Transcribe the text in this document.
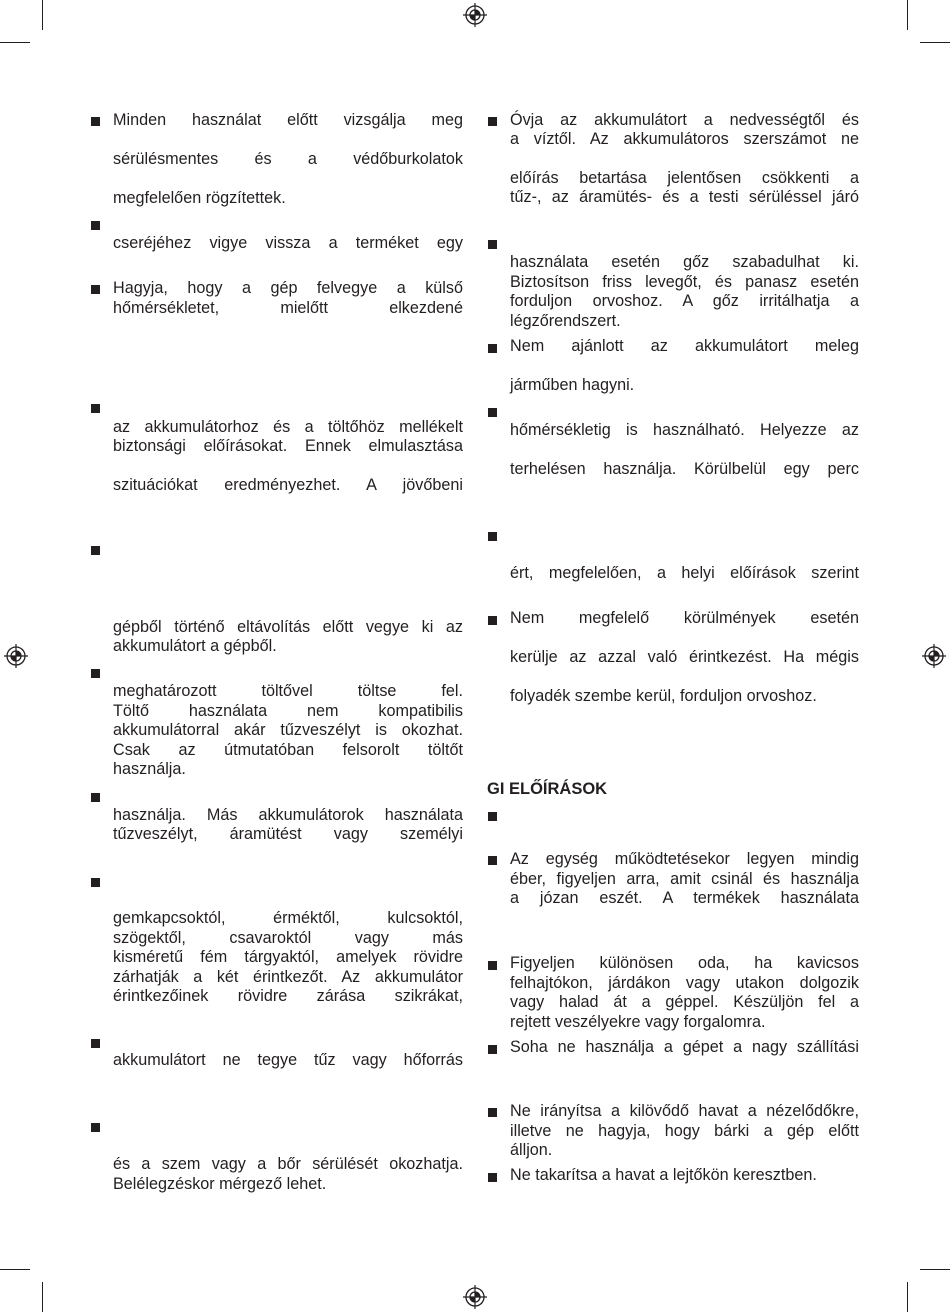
Minden használat előtt vizsgálja meg
sérülésmentes és a védőburkolatok
megfelelően rögzítettek.
cseréjéhez vigye vissza a terméket egy
Hagyja, hogy a gép felvegye a külső
hőmérsékletet, mielőtt elkezdené
az akkumulátorhoz és a töltőhöz mellékelt
biztonsági előírásokat. Ennek elmulasztása
szituációkat eredményezhet. A jövőbeni
gépből történő eltávolítás előtt vegye ki az
akkumulátort a gépből.
meghatározott töltővel töltse fel.
Töltő használata nem kompatibilis
akkumulátorral akár tűzveszélyt is okozhat.
Csak az útmutatóban felsorolt töltőt
használja.
használja. Más akkumulátorok használata
tűzveszélyt, áramütést vagy személyi
gemkapcsoktól, érméktől, kulcsoktól,
szögektől, csavaroktól vagy más
kisméretű fém tárgyaktól, amelyek rövidre
zárhatják a két érintkezőt. Az akkumulátor
érintkezőinek rövidre zárása szikrákat,
akkumulátort ne tegye tűz vagy hőforrás
és a szem vagy a bőr sérülését okozhatja.
Belélegzéskor mérgező lehet.
Óvja az akkumulátort a nedvességtől és
a víztől. Az akkumulátoros szerszámot ne
előírás betartása jelentősen csökkenti a
tűz-, az áramütés- és a testi sérüléssel járó
használata esetén gőz szabadulhat ki.
Biztosítson friss levegőt, és panasz esetén
forduljon orvoshoz. A gőz irritálhatja a
légzőrendszert.
Nem ajánlott az akkumulátort meleg
járműben hagyni.
hőmérsékletig is használható. Helyezze az
terhelésen használja. Körülbelül egy perc
ért, megfelelően, a helyi előírások szerint
Nem megfelelő körülmények esetén
kerülje az azzal való érintkezést. Ha mégis
folyadék szembe kerül, forduljon orvoshoz.
GI ELŐÍRÁSOK
Az egység működtetésekor legyen mindig
éber, figyeljen arra, amit csinál és használja
a józan eszét. A termékek használata
Figyeljen különösen oda, ha kavicsos
felhajtókon, járdákon vagy utakon dolgozik
vagy halad át a géppel. Készüljön fel a
rejtett veszélyekre vagy forgalomra.
Soha ne használja a gépet a nagy szállítási
Ne irányítsa a kilövődő havat a nézelődőkre,
illetve ne hagyja, hogy bárki a gép előtt
álljon.
Ne takarítsa a havat a lejtőkön keresztben.
